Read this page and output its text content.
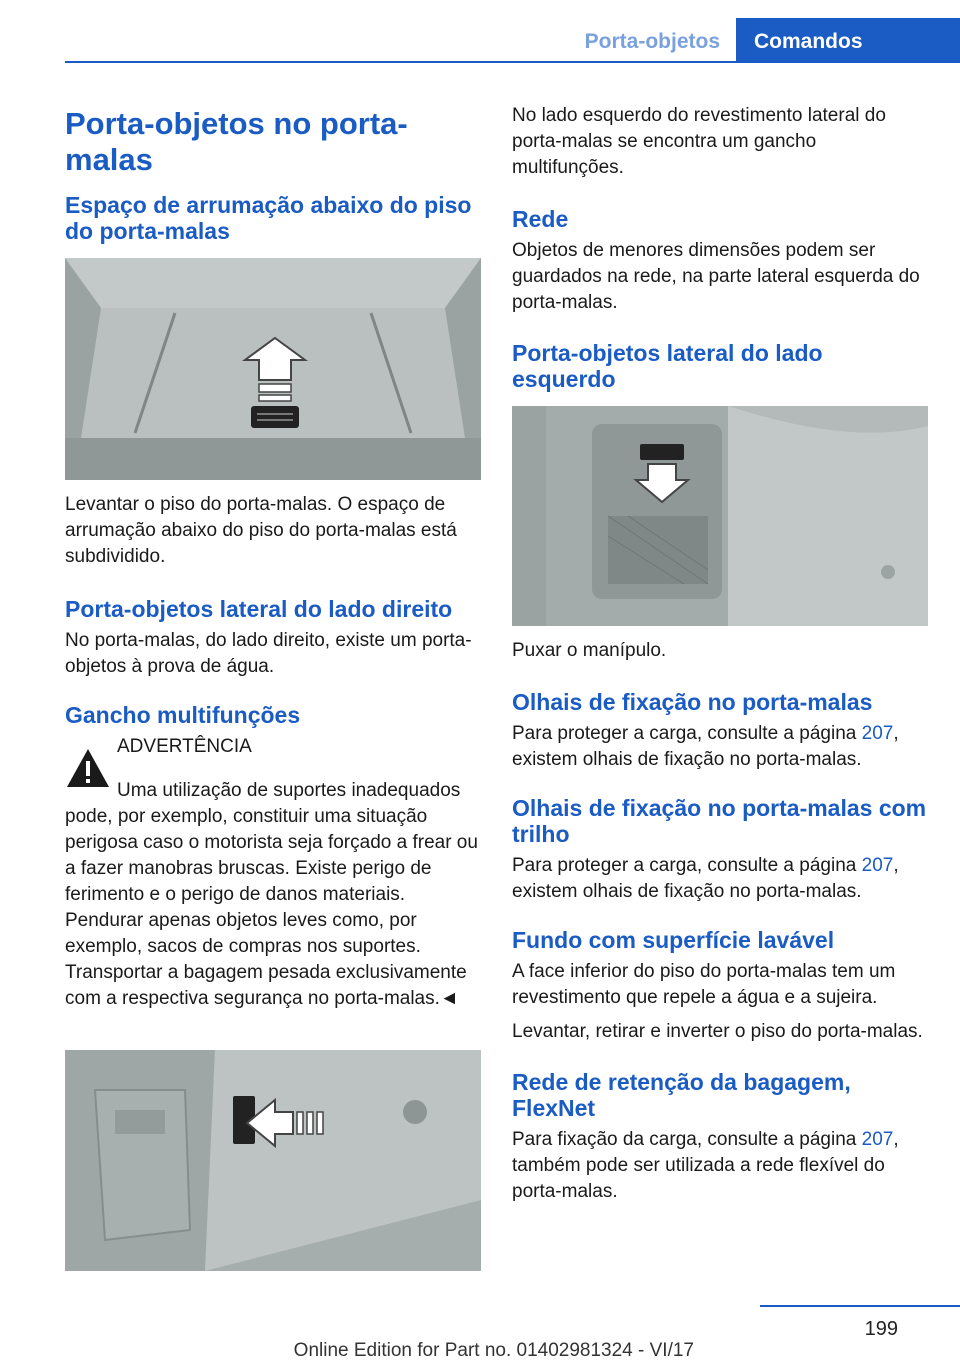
Porta-objetos	Comandos
Porta-objetos no porta-
malas
Espaço de arrumação abaixo do piso do porta-malas

Levantar o piso do porta-malas. O espaço de arrumação abaixo do piso do porta-malas está subdividido.

Porta-objetos lateral do lado direito

No porta-malas, do lado direito, existe um porta-objetos à prova de água.

Gancho multifunções

ADVERTÊNCIA

Uma utilização de suportes inadequados pode, por exemplo, constituir uma situação perigosa caso o motorista seja forçado a frear ou a fazer manobras bruscas. Existe perigo de ferimento e o perigo de danos materiais. Pendurar apenas objetos leves como, por exemplo, sacos de compras nos suportes. Transportar a bagagem pesada exclusivamente com a respectiva segurança no porta-malas.◄

No lado esquerdo do revestimento lateral do porta-malas se encontra um gancho multifunções.

Rede

Objetos de menores dimensões podem ser guardados na rede, na parte lateral esquerda do porta-malas.

Porta-objetos lateral do lado esquerdo

Puxar o manípulo.

Olhais de fixação no porta-malas

Para proteger a carga, consulte a página 207, existem olhais de fixação no porta-malas.

Olhais de fixação no porta-malas com trilho

Para proteger a carga, consulte a página 207, existem olhais de fixação no porta-malas.

Fundo com superfície lavável

A face inferior do piso do porta-malas tem um revestimento que repele a água e a sujeira.

Levantar, retirar e inverter o piso do porta-malas.

Rede de retenção da bagagem, FlexNet

Para fixação da carga, consulte a página 207, também pode ser utilizada a rede flexível do porta-malas.

199
Online Edition for Part no. 01402981324 - VI/17
